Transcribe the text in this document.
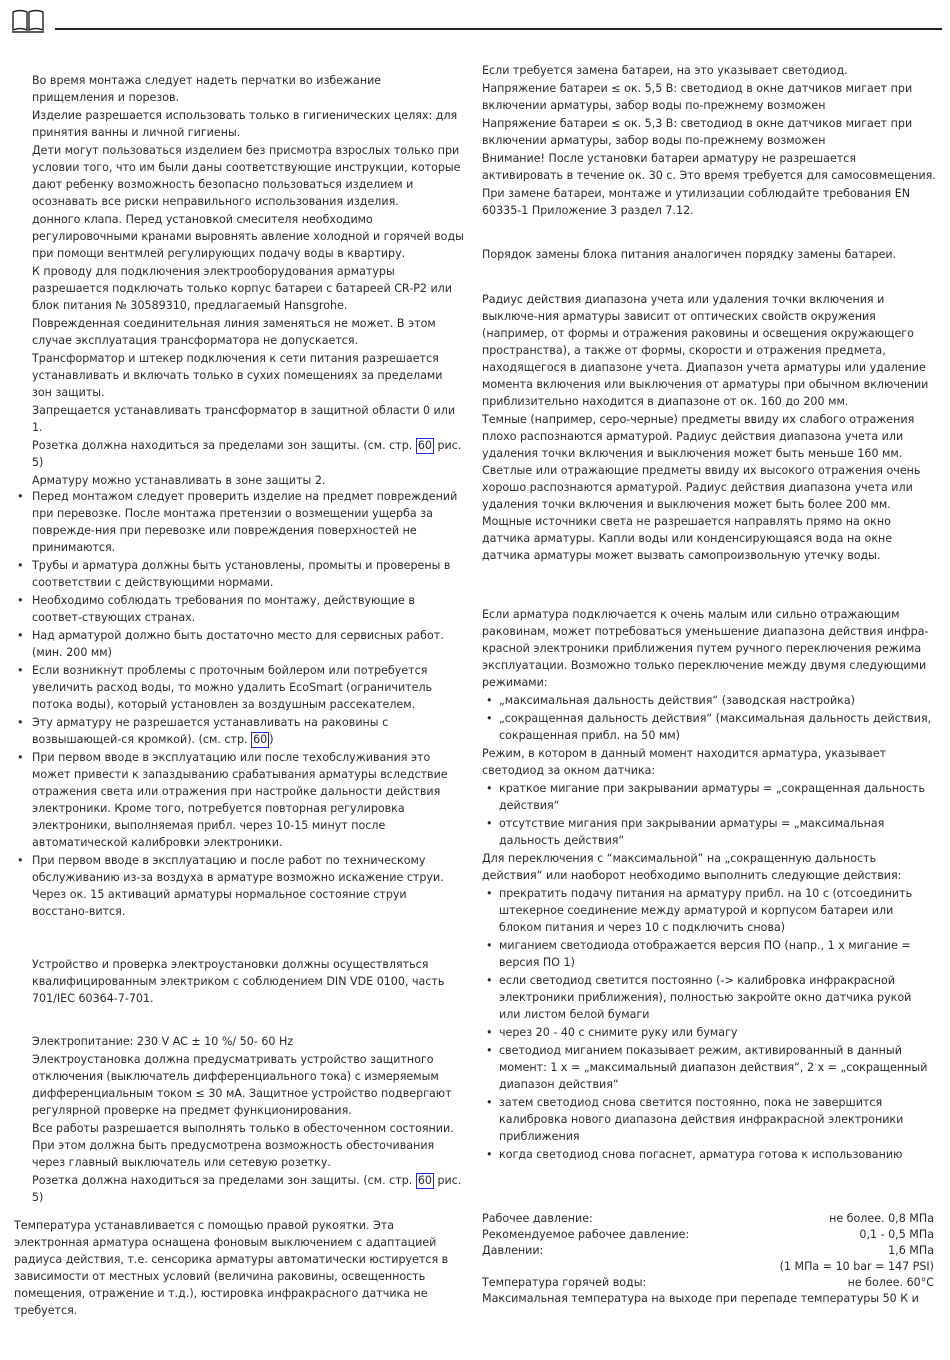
Во время монтажа следует надеть перчатки во избежание прищемления и порезов.

Изделие разрешается использовать только в гигиенических целях: для принятия ванны и личной гигиены.

Дети могут пользоваться изделием без присмотра взрослых только при условии того, что им были даны соответствующие инструкции, которые дают ребенку возможность безопасно пользоваться изделием и осознавать все риски неправильного использования изделия.

донного клапа. Перед установкой смесителя необходимо регулировочными кранами выровнять авление холодной и горячей воды при помощи вентмлей регулирующих подачу воды в квартиру.

К проводу для подключения электрооборудования арматуры разрешается подключать только корпус батареи с батареей CR-P2 или блок питания № 30589310, предлагаемый Hansgrohe.

Поврежденная соединительная линия заменяться не может. В этом случае эксплуатация трансформатора не допускается.

Трансформатор и штекер подключения к сети питания разрешается устанавливать и включать только в сухих помещениях за пределами зон защиты.

Запрещается устанавливать трансформатор в защитной области 0 или 1.

Розетка должна находиться за пределами зон защиты. (см. стр. 60 рис. 5)

Арматуру можно устанавливать в зоне защиты 2.

• Перед монтажом следует проверить изделие на предмет повреждений при перевозке. После монтажа претензии о возмещении ущерба за поврежде-ния при перевозке или повреждения поверхностей не принимаются.
• Трубы и арматура должны быть установлены, промыты и проверены в соответствии с действующими нормами.
• Необходимо соблюдать требования по монтажу, действующие в соответ-ствующих странах.
• Над арматурой должно быть достаточно место для сервисных работ. (мин. 200 мм)
• Если возникнут проблемы с проточным бойлером или потребуется увеличить расход воды, то можно удалить EcoSmart (ограничитель потока воды), который установлен за воздушным рассекателем.
• Эту арматуру не разрешается устанавливать на раковины с возвышающей-ся кромкой). (см. стр. 60 )
• При первом вводе в эксплуатацию или после техобслуживания это может привести к запаздыванию срабатывания арматуры вследствие отражения света или отражения при настройке дальности действия электроники. Кроме того, потребуется повторная регулировка электроники, выполняемая прибл. через 10-15 минут после автоматической калибровки электроники.
• При первом вводе в эксплуатацию и после работ по техническому обслуживанию из-за воздуха в арматуре возможно искажение струи. Через ок. 15 активаций арматуры нормальное состояние струи восстано-вится.

Устройство и проверка электроустановки должны осуществляться квалифицированным электриком с соблюдением DIN VDE 0100, часть 701/IEC 60364-7-701.

Электропитание: 230 V AC ± 10 %/ 50- 60 Hz

Электроустановка должна предусматривать устройство защитного отключения (выключатель дифференциального тока) с измеряемым дифференциальным током ≤ 30 мА. Защитное устройство подвергают регулярной проверке на предмет функционирования.

Все работы разрешается выполнять только в обесточенном состоянии. При этом должна быть предусмотрена возможность обесточивания через главный выключатель или сетевую розетку.

Розетка должна находиться за пределами зон защиты. (см. стр. 60 рис. 5)

Температура устанавливается с помощью правой рукоятки. Эта электронная арматура оснащена фоновым выключением с адаптацией радиуса действия, т.е. сенсорика арматуры автоматически юстируется в зависимости от местных условий (величина раковины, освещенность помещения, отражение и т.д.), юстировка инфракрасного датчика не требуется.

Если требуется замена батареи, на это указывает светодиод.

Напряжение батареи ≤ ок. 5,5 В: светодиод в окне датчиков мигает при включении арматуры, забор воды по-прежнему возможен

Напряжение батареи ≤ ок. 5,3 В: светодиод в окне датчиков мигает при включении арматуры, забор воды по-прежнему возможен

Внимание! После установки батареи арматуру не разрешается активировать в течение ок. 30 с. Это время требуется для самосовмещения.

При замене батареи, монтаже и утилизации соблюдайте требования EN 60335-1 Приложение 3 раздел 7.12.

Порядок замены блока питания аналогичен порядку замены батареи.

Радиус действия диапазона учета или удаления точки включения и выключе-ния арматуры зависит от оптических свойств окружения (например, от формы и отражения раковины и освещения окружающего пространства), а также от формы, скорости и отражения предмета, находящегося в диапазоне учета. Диапазон учета арматуры или удаление момента включения или выключения от арматуры при обычном включении приблизительно находится в диапазоне от ок. 160 до 200 мм.

Темные (например, серо-черные) предметы ввиду их слабого отражения плохо распознаются арматурой. Радиус действия диапазона учета или удаления точки включения и выключения может быть меньше 160 мм. Светлые или отражающие предметы ввиду их высокого отражения очень хорошо распознаются арматурой. Радиус действия диапазона учета или удаления точки включения и выключения может быть более 200 мм. Мощные источники света не разрешается направлять прямо на окно датчика арматуры. Капли воды или конденсирующаяся вода на окне датчика арматуры может вызвать самопроизвольную утечку воды.

Если арматура подключается к очень малым или сильно отражающим раковинам, может потребоваться уменьшение диапазона действия инфра-красной электроники приближения путем ручного переключения режима эксплуатации. Возможно только переключение между двумя следующими режимами:

• „максимальная дальность действия“ (заводская настройка)
• „сокращенная дальность действия“ (максимальная дальность действия, сокращенная прибл. на 50 мм)

Режим, в котором в данный момент находится арматура, указывает светодиод за окном датчика:

• краткое мигание при закрывании арматуры = „сокращенная дальность действия“
• отсутствие мигания при закрывании арматуры = „максимальная дальность действия“

Для переключения с “максимальной” на „сокращенную дальность действия“ или наоборот необходимо выполнить следующие действия:

• прекратить подачу питания на арматуру прибл. на 10 с (отсоединить штекерное соединение между арматурой и корпусом батареи или блоком питания и через 10 с подключить снова)
• миганием светодиода отображается версия ПО (напр., 1 х мигание = версия ПО 1)
• если светодиод светится постоянно (-> калибровка инфракрасной электроники приближения), полностью закройте окно датчика рукой или листом белой бумаги
• через 20 - 40 с снимите руку или бумагу
• светодиод миганием показывает режим, активированный в данный момент: 1 х = „максимальный диапазон действия“, 2 х = „сокращенный диапазон действия“
• затем светодиод снова светится постоянно, пока не завершится калибровка нового диапазона действия инфракрасной электроники приближения
• когда светодиод снова погаснет, арматура готова к использованию
Рабочее давление:	не более. 0,8 МПа
Рекомендуемое рабочее давление:	0,1 - 0,5 МПа
Давлении:	1,6 МПа
(1 МПа = 10 bar = 147 PSI)
Температура горячей воды:	не более. 60°C
Максимальная температура на выходе при перепаде температуры 50 К и
